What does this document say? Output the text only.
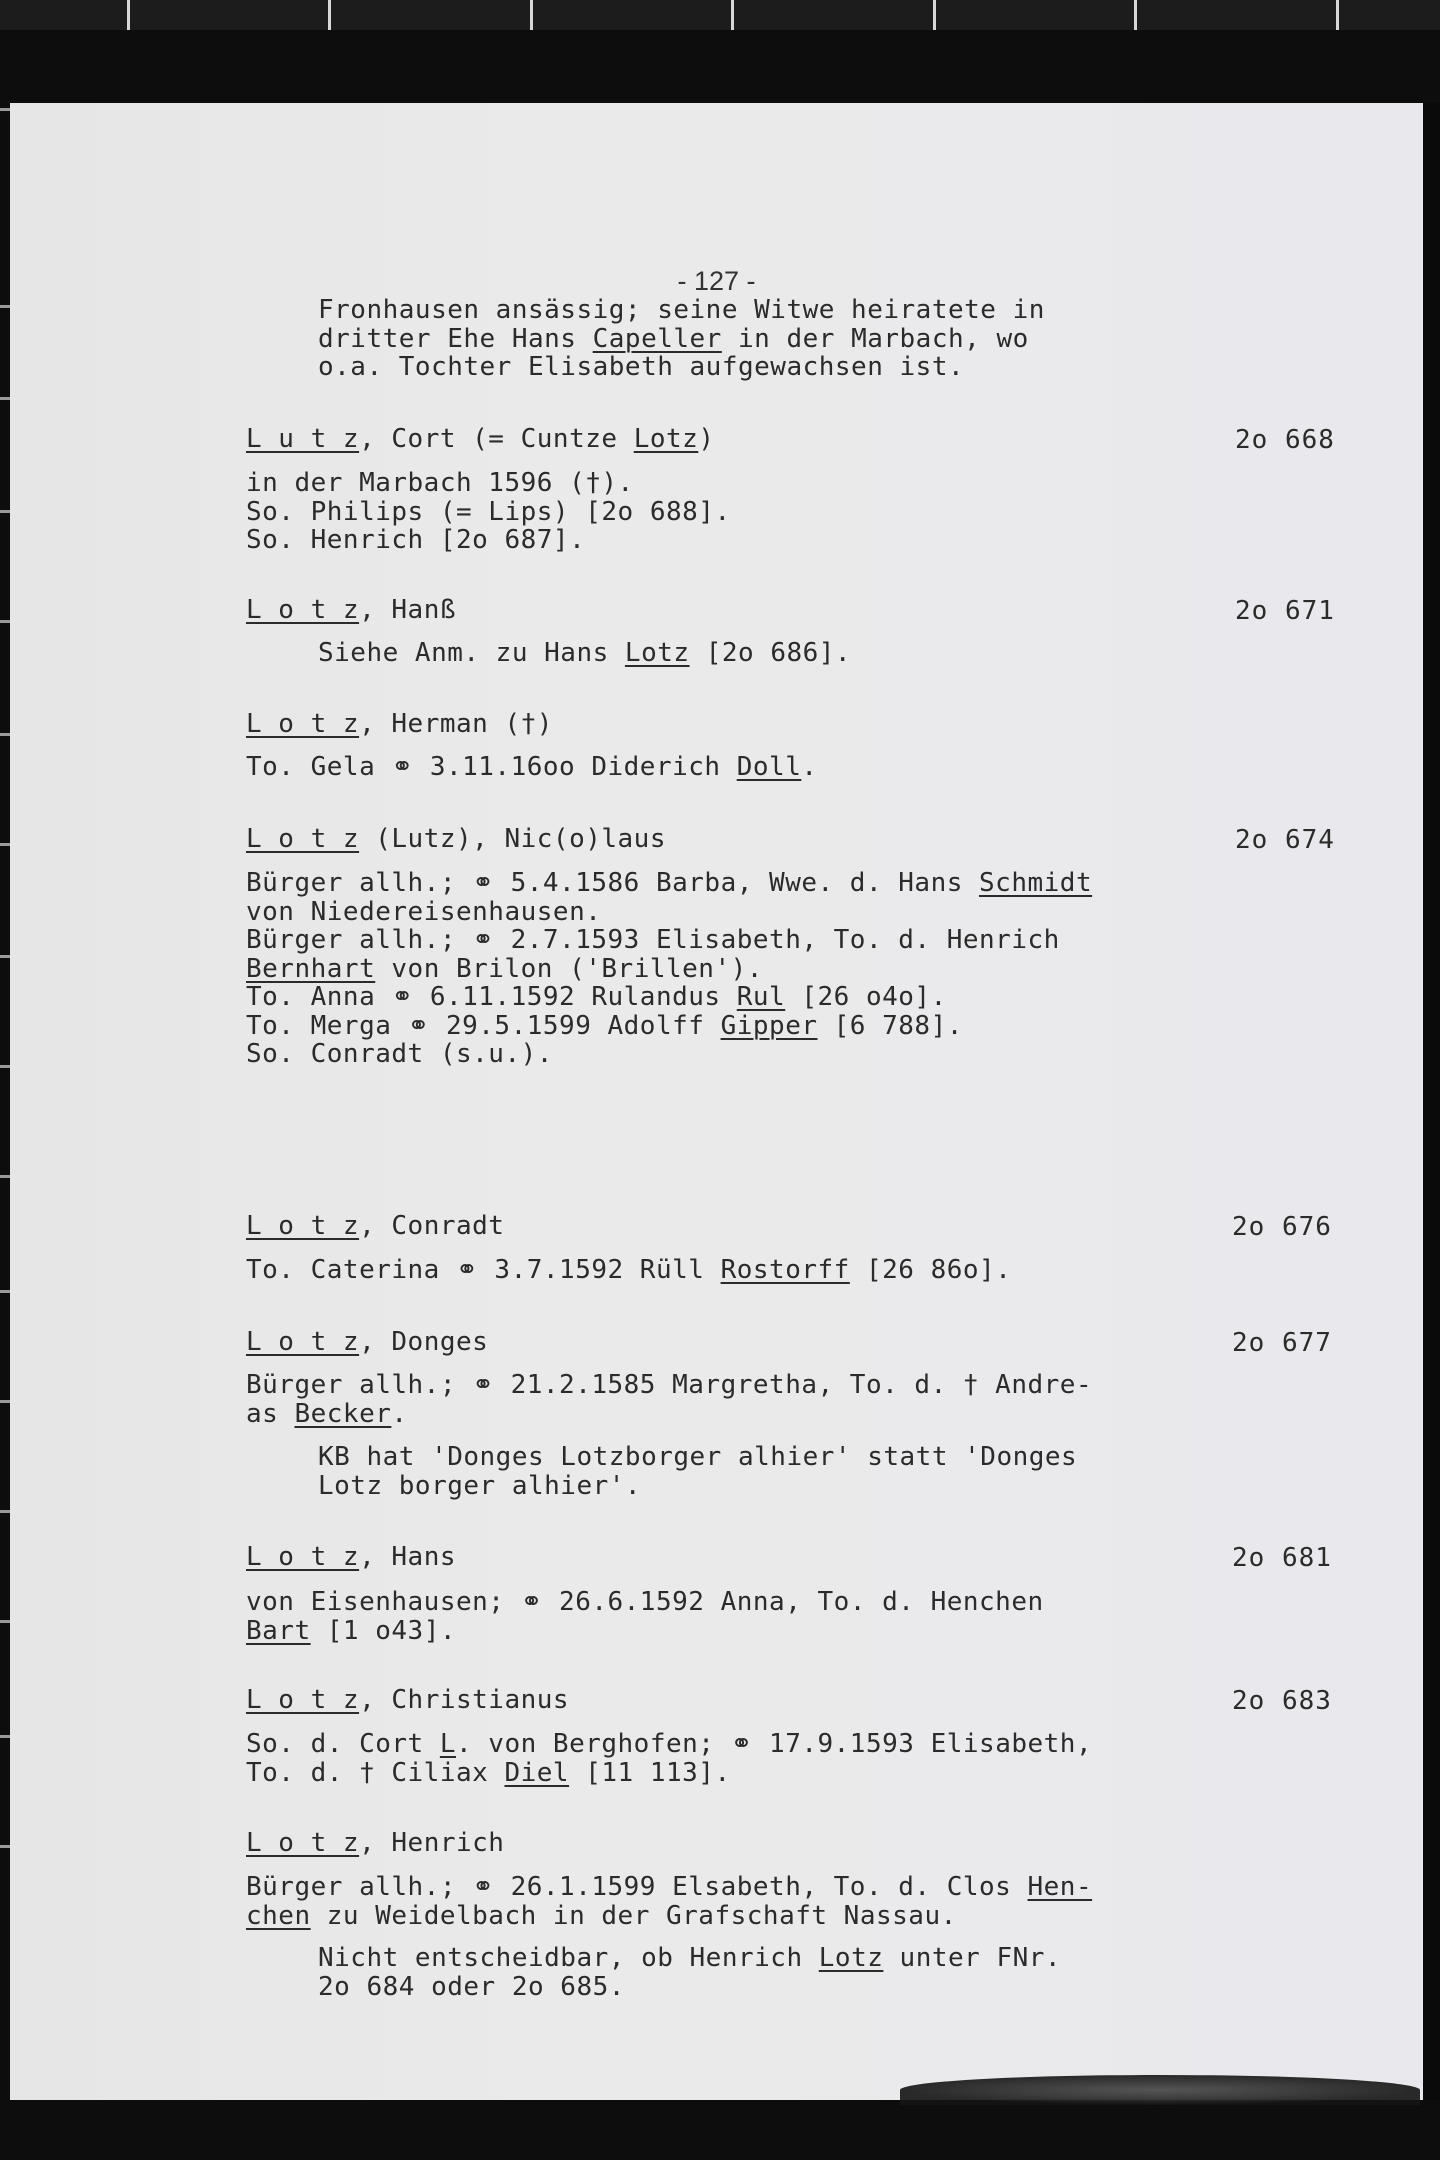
- 127 -
Fronhausen ansässig; seine Witwe heiratete in
dritter Ehe Hans Capeller in der Marbach, wo
o.a. Tochter Elisabeth aufgewachsen ist.
L u t z, Cort (= Cuntze Lotz)	2o 668
in der Marbach 1596 (†).
So. Philips (= Lips) [2o 688].
So. Henrich [2o 687].
L o t z, Hanß	2o 671
Siehe Anm. zu Hans Lotz [2o 686].
L o t z, Herman (†)
To. Gela ⚭ 3.11.16oo Diderich Doll.
L o t z (Lutz), Nic(o)laus	2o 674
Bürger allh.; ⚭ 5.4.1586 Barba, Wwe. d. Hans Schmidt
von Niedereisenhausen.
Bürger allh.; ⚭ 2.7.1593 Elisabeth, To. d. Henrich
Bernhart von Brilon ('Brillen').
To. Anna ⚭ 6.11.1592 Rulandus Rul [26 o4o].
To. Merga ⚭ 29.5.1599 Adolff Gipper [6 788].
So. Conradt (s.u.).
L o t z, Conradt	2o 676
To. Caterina ⚭ 3.7.1592 Rüll Rostorff [26 86o].
L o t z, Donges	2o 677
Bürger allh.; ⚭ 21.2.1585 Margretha, To. d. † Andre-
as Becker.
KB hat 'Donges Lotzborger alhier' statt 'Donges
Lotz borger alhier'.
L o t z, Hans	2o 681
von Eisenhausen; ⚭ 26.6.1592 Anna, To. d. Henchen
Bart [1 o43].
L o t z, Christianus	2o 683
So. d. Cort L. von Berghofen; ⚭ 17.9.1593 Elisabeth,
To. d. † Ciliax Diel [11 113].
L o t z, Henrich
Bürger allh.; ⚭ 26.1.1599 Elsabeth, To. d. Clos Hen-
chen zu Weidelbach in der Grafschaft Nassau.
Nicht entscheidbar, ob Henrich Lotz unter FNr.
2o 684 oder 2o 685.
